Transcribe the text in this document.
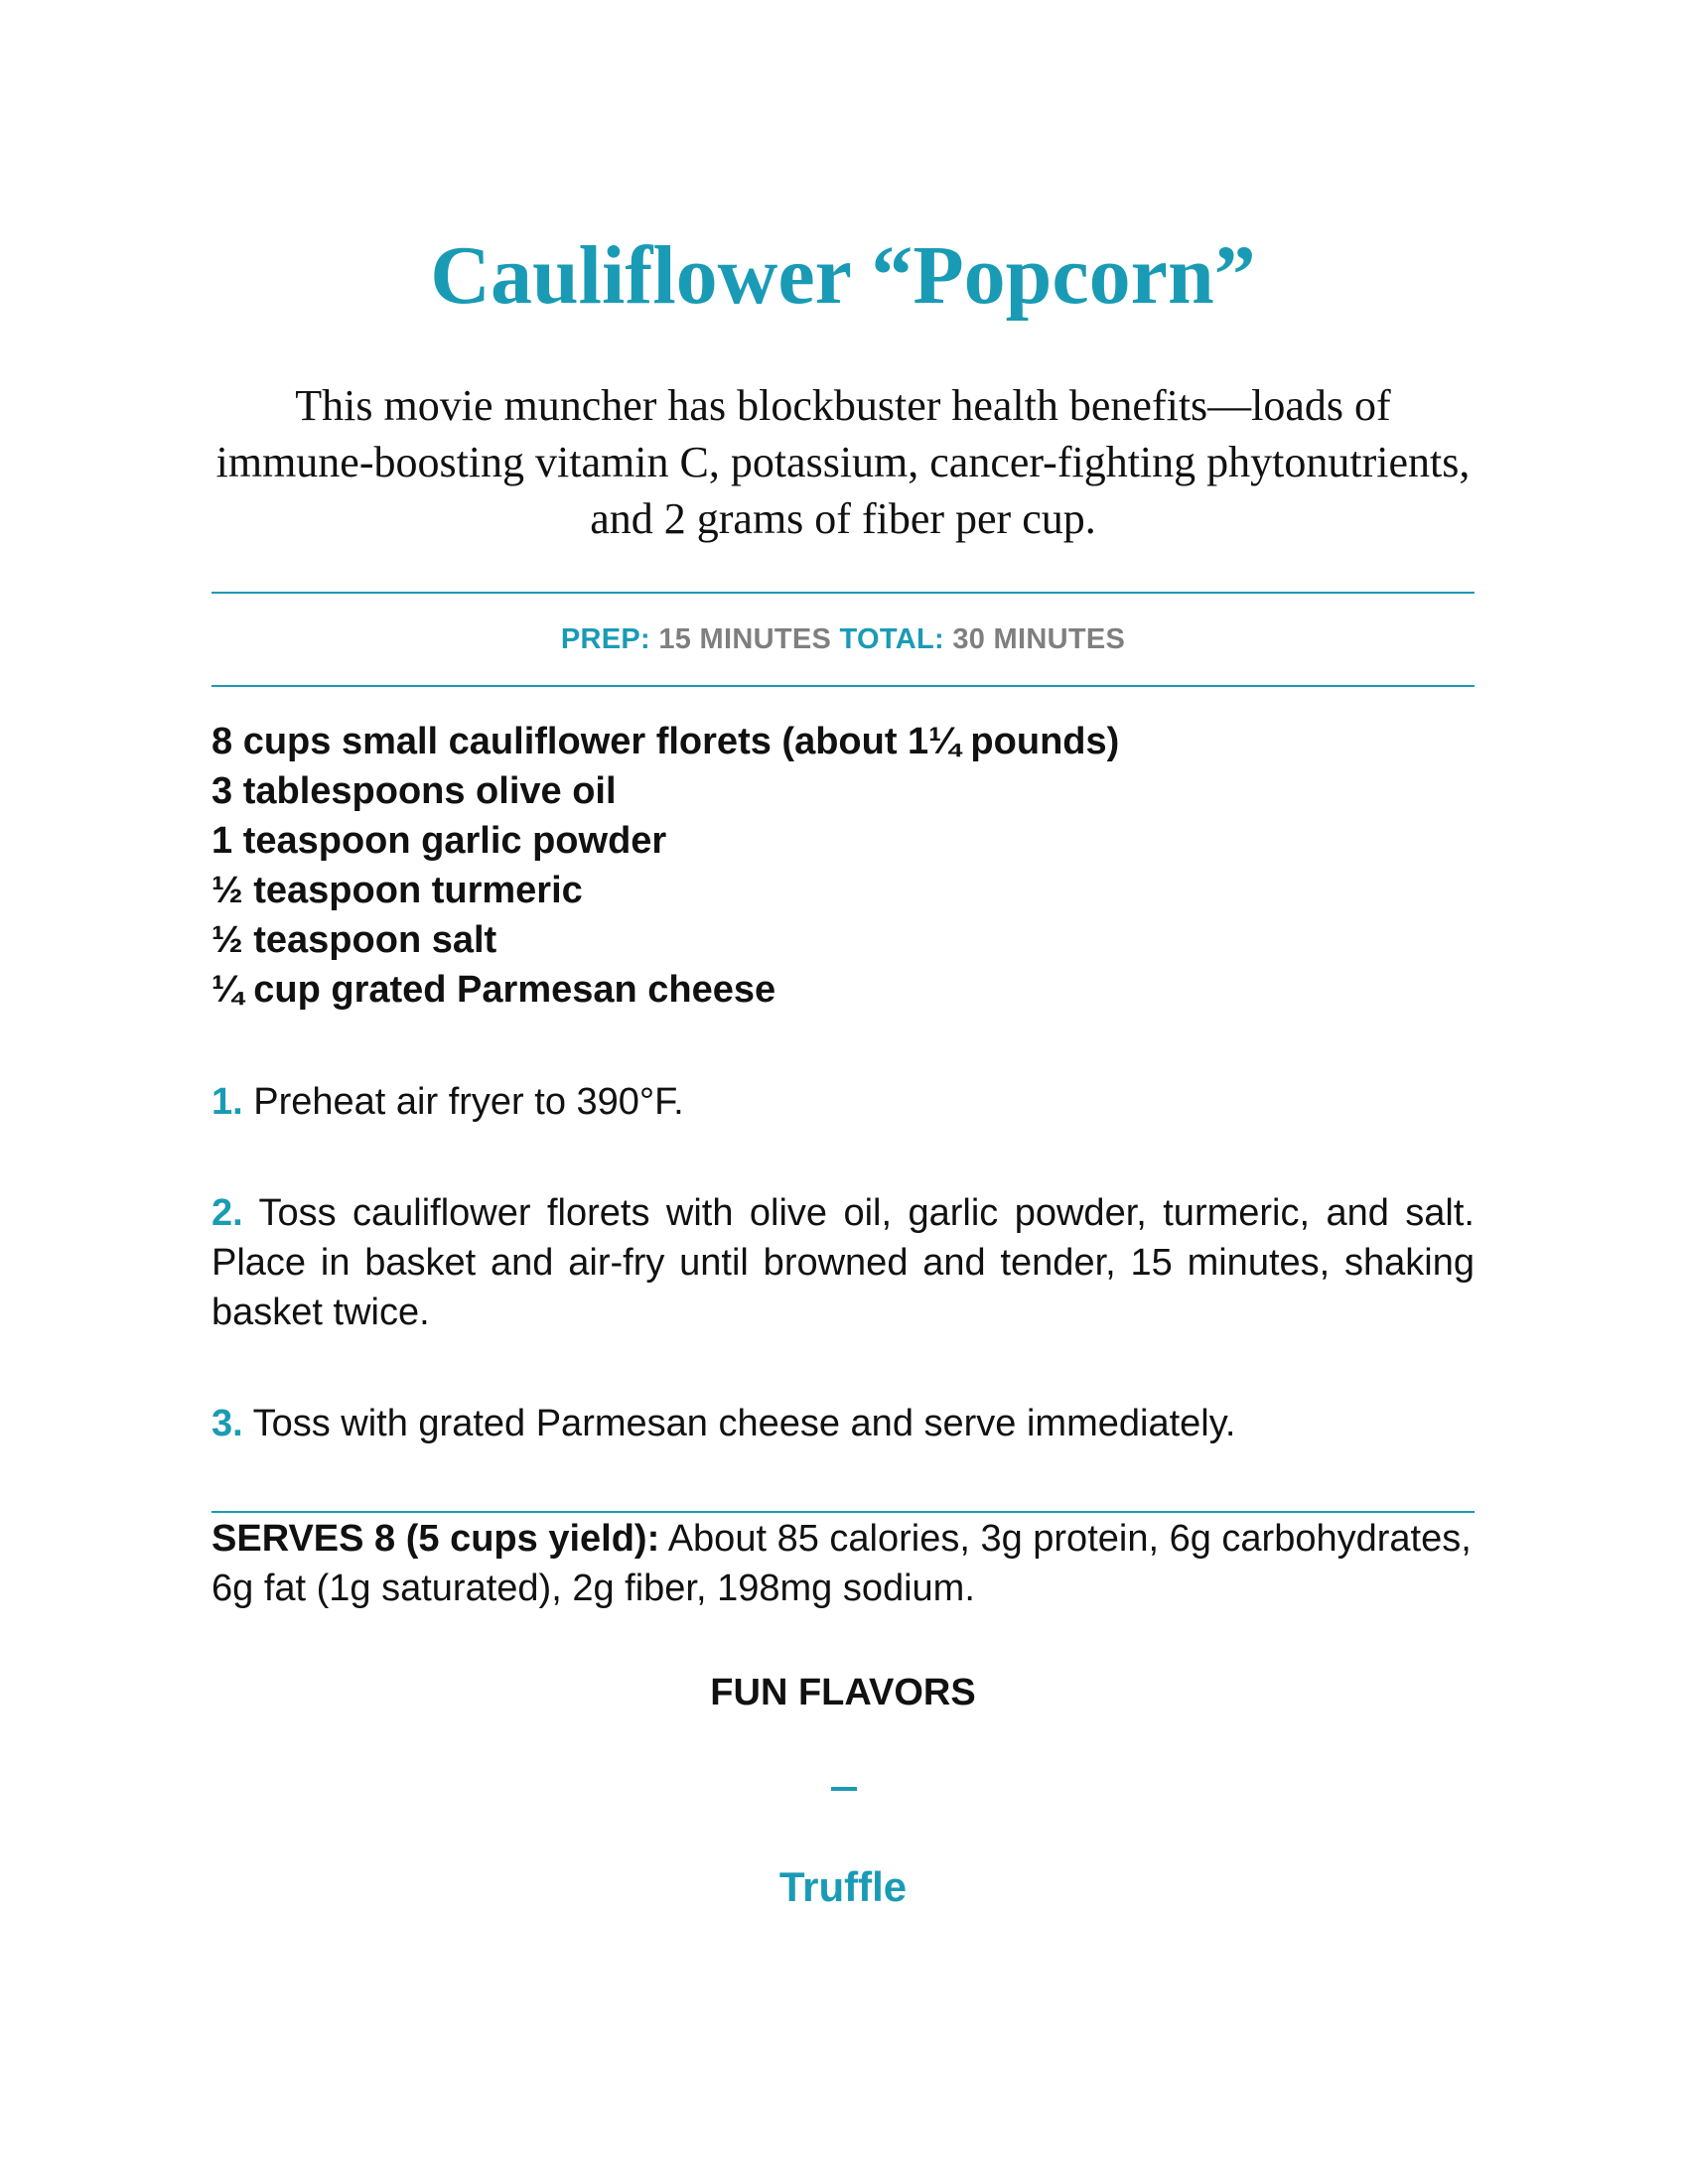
Cauliflower “Popcorn”

This movie muncher has blockbuster health benefits—loads of immune-boosting vitamin C, potassium, cancer-fighting phytonutrients, and 2 grams of fiber per cup.

PREP: 15 MINUTES TOTAL: 30 MINUTES
8 cups small cauliflower florets (about 1¼ pounds)
3 tablespoons olive oil
1 teaspoon garlic powder
½ teaspoon turmeric
½ teaspoon salt
¼ cup grated Parmesan cheese

1. Preheat air fryer to 390°F.

2. Toss cauliflower florets with olive oil, garlic powder, turmeric, and salt. Place in basket and air-fry until browned and tender, 15 minutes, shaking basket twice.

3. Toss with grated Parmesan cheese and serve immediately.

SERVES 8 (5 cups yield): About 85 calories, 3g protein, 6g carbohydrates, 6g fat (1g saturated), 2g fiber, 198mg sodium.

FUN FLAVORS
Truffle
